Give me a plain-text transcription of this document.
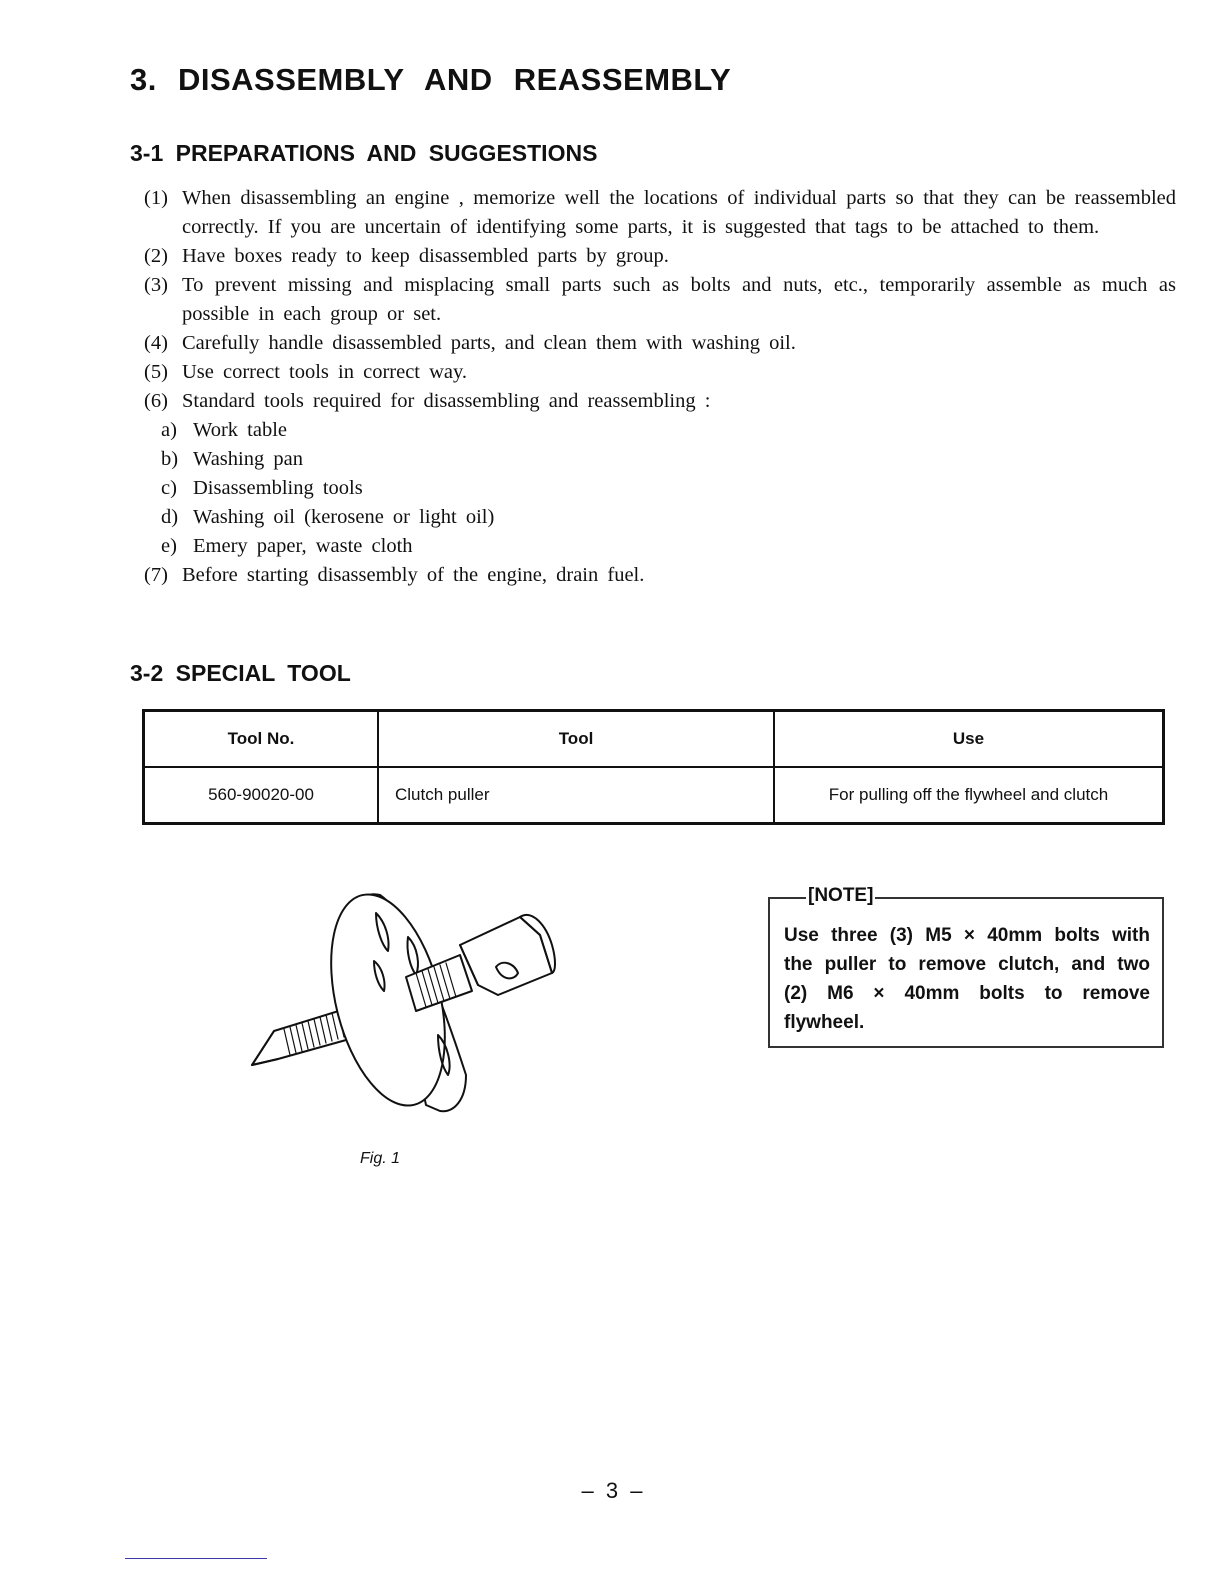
3. DISASSEMBLY AND REASSEMBLY
3-1 PREPARATIONS AND SUGGESTIONS
(1) When disassembling an engine , memorize well the locations of individual parts so that they can be reassembled correctly. If you are uncertain of identifying some parts, it is suggested that tags to be attached to them.
(2) Have boxes ready to keep disassembled parts by group.
(3) To prevent missing and misplacing small parts such as bolts and nuts, etc., temporarily assemble as much as possible in each group or set.
(4) Carefully handle disassembled parts, and clean them with washing oil.
(5) Use correct tools in correct way.
(6) Standard tools required for disassembling and reassembling :
a) Work table
b) Washing pan
c) Disassembling tools
d) Washing oil (kerosene or light oil)
e) Emery paper, waste cloth
(7) Before starting disassembly of the engine, drain fuel.
3-2 SPECIAL TOOL
Tool No.	Tool	Use
560-90020-00	Clutch puller	For pulling off the flywheel and clutch

Fig. 1

[NOTE]

Use three (3) M5 × 40mm bolts with the puller to remove clutch, and two (2) M6 × 40mm bolts to remove flywheel.

– 3 –
